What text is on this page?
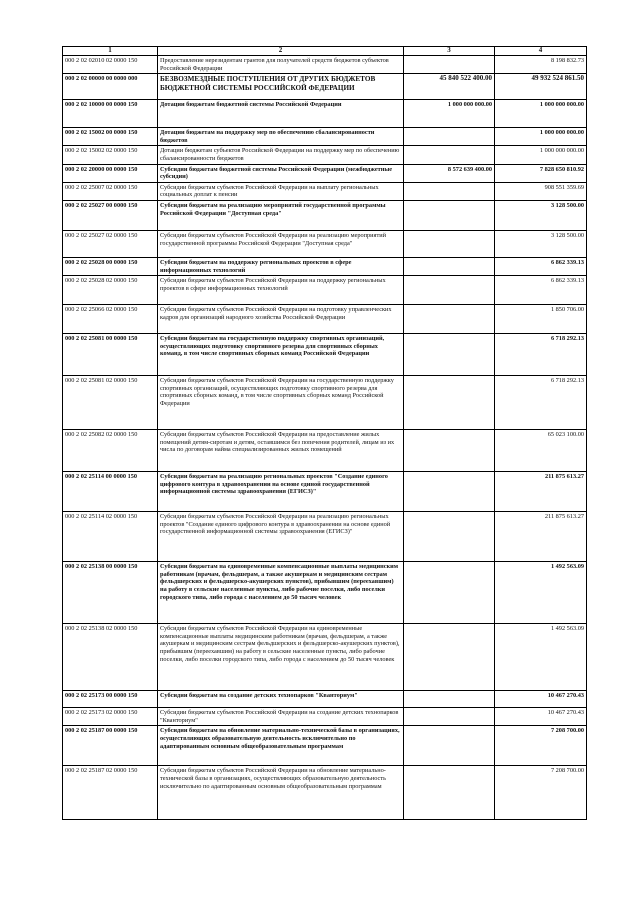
1	2	3	4
000 2 02 02010 02 0000 150	Предоставление нерезидентам грантов для получателей средств бюджетов субъектов Российской Федерации		8 198 832.73
000 2 02 00000 00 0000 000	БЕЗВОЗМЕЗДНЫЕ ПОСТУПЛЕНИЯ ОТ ДРУГИХ БЮДЖЕТОВ БЮДЖЕТНОЙ СИСТЕМЫ РОССИЙСКОЙ ФЕДЕРАЦИИ	45 840 522 400.00	49 932 524 861.50
000 2 02 10000 00 0000 150	Дотации бюджетам бюджетной системы Российской Федерации	1 000 000 000.00	1 000 000 000.00
000 2 02 15002 00 0000 150	Дотации бюджетам на поддержку мер по обеспечению сбалансированности бюджетов		1 000 000 000.00
000 2 02 15002 02 0000 150	Дотации бюджетам субъектов Российской Федерации на поддержку мер по обеспечению сбалансированности бюджетов		1 000 000 000.00
000 2 02 20000 00 0000 150	Субсидии бюджетам бюджетной системы Российской Федерации (межбюджетные субсидии)	8 572 639 400.00	7 828 650 810.92
000 2 02 25007 02 0000 150	Субсидии бюджетам субъектов Российской Федерации на выплату региональных социальных доплат к пенсии		908 551 359.69
000 2 02 25027 00 0000 150	Субсидии бюджетам на реализацию мероприятий государственной программы Российской Федерации "Доступная среда"		3 128 500.00
000 2 02 25027 02 0000 150	Субсидии бюджетам субъектов Российской Федерации на реализацию мероприятий государственной программы Российской Федерации "Доступная среда"		3 128 500.00
000 2 02 25028 00 0000 150	Субсидии бюджетам на поддержку региональных проектов в сфере информационных технологий		6 862 339.13
000 2 02 25028 02 0000 150	Субсидии бюджетам субъектов Российской Федерации на поддержку региональных проектов в сфере информационных технологий		6 862 339.13
000 2 02 25066 02 0000 150	Субсидии бюджетам субъектов Российской Федерации на подготовку управленческих кадров для организаций народного хозяйства Российской Федерации		1 850 706.00
000 2 02 25081 00 0000 150	Субсидии бюджетам на государственную поддержку спортивных организаций, осуществляющих подготовку спортивного резерва для спортивных сборных команд, в том числе спортивных сборных команд Российской Федерации		6 718 292.13
000 2 02 25081 02 0000 150	Субсидии бюджетам субъектов Российской Федерации на государственную поддержку спортивных организаций, осуществляющих подготовку спортивного резерва для спортивных сборных команд, в том числе спортивных сборных команд Российской Федерации		6 718 292.13
000 2 02 25082 02 0000 150	Субсидии бюджетам субъектов Российской Федерации на предоставление жилых помещений детям-сиротам и детям, оставшимся без попечения родителей, лицам из их числа по договорам найма специализированных жилых помещений		65 023 100.00
000 2 02 25114 00 0000 150	Субсидии бюджетам на реализацию региональных проектов "Создание единого цифрового контура в здравоохранении на основе единой государственной информационной системы здравоохранения (ЕГИСЗ)"		211 875 613.27
000 2 02 25114 02 0000 150	Субсидии бюджетам субъектов Российской Федерации на реализацию региональных проектов "Создание единого цифрового контура в здравоохранении на основе единой государственной информационной системы здравоохранения (ЕГИСЗ)"		211 875 613.27
000 2 02 25138 00 0000 150	Субсидии бюджетам на единовременные компенсационные выплаты медицинским работникам (врачам, фельдшерам, а также акушеркам и медицинским сестрам фельдшерских и фельдшерско-акушерских пунктов), прибывшим (переехавшим) на работу в сельские населенные пункты, либо рабочие поселки, либо поселки городского типа, либо города с населением до 50 тысяч человек		1 492 563.09
000 2 02 25138 02 0000 150	Субсидии бюджетам субъектов Российской Федерации на единовременные компенсационные выплаты медицинским работникам (врачам, фельдшерам, а также акушеркам и медицинским сестрам фельдшерских и фельдшерско-акушерских пунктов), прибывшим (переехавшим) на работу в сельские населенные пункты, либо рабочие поселки, либо поселки городского типа, либо города с населением до 50 тысяч человек		1 492 563.09
000 2 02 25173 00 0000 150	Субсидии бюджетам на создание детских технопарков "Кванториум"		10 467 270.43
000 2 02 25173 02 0000 150	Субсидии бюджетам субъектов Российской Федерации на создание детских технопарков "Кванториум"		10 467 270.43
000 2 02 25187 00 0000 150	Субсидии бюджетам на обновление материально-технической базы в организациях, осуществляющих образовательную деятельность исключительно по адаптированным основным общеобразовательным программам		7 208 700.00
000 2 02 25187 02 0000 150	Субсидии бюджетам субъектов Российской Федерации на обновление материально-технической базы в организациях, осуществляющих образовательную деятельность исключительно по адаптированным основным общеобразовательным программам		7 208 700.00
